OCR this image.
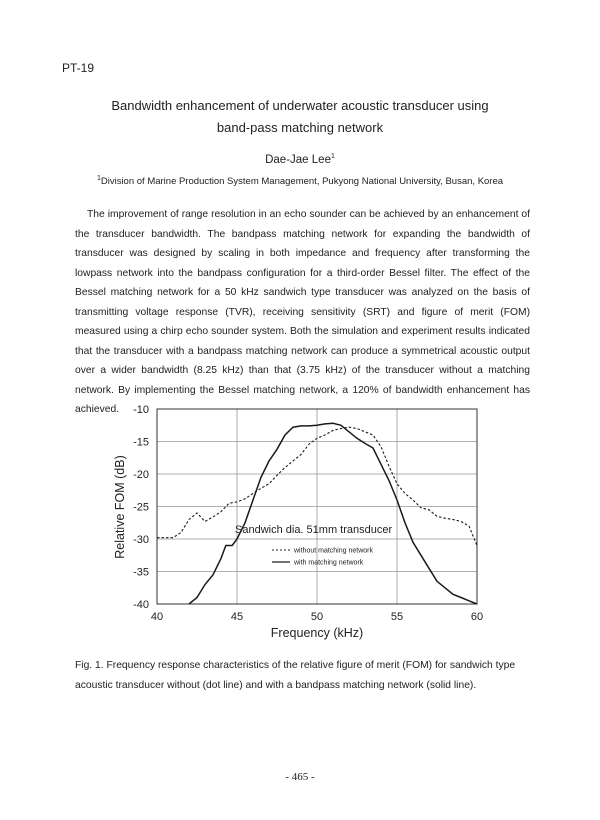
PT-19
Bandwidth enhancement of underwater acoustic transducer using
band-pass matching network
Dae-Jae Lee$^1$
$^1$Division of Marine Production System Management, Pukyong National University, Busan, Korea

The improvement of range resolution in an echo sounder can be achieved by an enhancement of the transducer bandwidth. The bandpass matching network for expanding the bandwidth of transducer was designed by scaling in both impedance and frequency after transforming the lowpass network into the bandpass configuration for a third-order Bessel filter. The effect of the Bessel matching network for a 50 kHz sandwich type transducer was analyzed on the basis of transmitting voltage response (TVR), receiving sensitivity (SRT) and figure of merit (FOM) measured using a chirp echo sounder system. Both the simulation and experiment results indicated that the transducer with a bandpass matching network can produce a symmetrical acoustic output over a wider bandwidth (8.25 kHz) than that (3.75 kHz) of the transducer without a matching network. By implementing the Bessel matching network, a 120% of bandwidth enhancement has achieved.

40	45	50	55	60
-10
-15
-20
-25
-30
-35
-40
Frequency (kHz)
Relative FOM (dB)	Sandwich dia. 51mm transducer
without matching network
with matching network

Fig. 1. Frequency response characteristics of the relative figure of merit (FOM) for sandwich type acoustic transducer without (dot line) and with a bandpass matching network (solid line).

- 465 -
